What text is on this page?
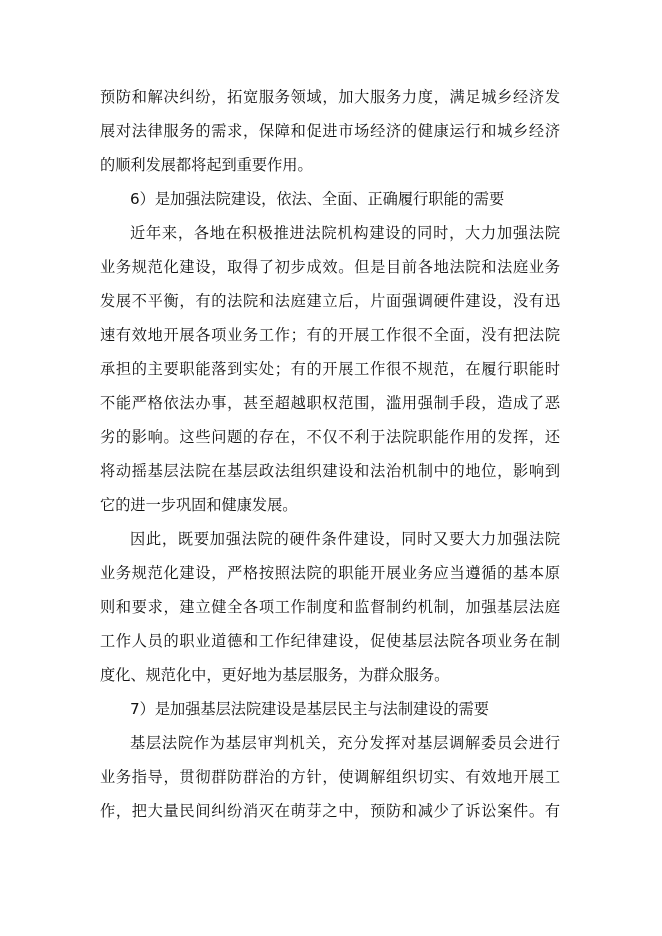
预防和解决纠纷，拓宽服务领域，加大服务力度，满足城乡经济发
展对法律服务的需求，保障和促进市场经济的健康运行和城乡经济
的顺利发展都将起到重要作用。
6）是加强法院建设，依法、全面、正确履行职能的需要
近年来，各地在积极推进法院机构建设的同时，大力加强法院
业务规范化建设，取得了初步成效。但是目前各地法院和法庭业务
发展不平衡，有的法院和法庭建立后，片面强调硬件建设，没有迅
速有效地开展各项业务工作；有的开展工作很不全面，没有把法院
承担的主要职能落到实处；有的开展工作很不规范，在履行职能时
不能严格依法办事，甚至超越职权范围，滥用强制手段，造成了恶
劣的影响。这些问题的存在，不仅不利于法院职能作用的发挥，还
将动摇基层法院在基层政法组织建设和法治机制中的地位，影响到
它的进一步巩固和健康发展。
因此，既要加强法院的硬件条件建设，同时又要大力加强法院
业务规范化建设，严格按照法院的职能开展业务应当遵循的基本原
则和要求，建立健全各项工作制度和监督制约机制，加强基层法庭
工作人员的职业道德和工作纪律建设，促使基层法院各项业务在制
度化、规范化中，更好地为基层服务，为群众服务。
7）是加强基层法院建设是基层民主与法制建设的需要
基层法院作为基层审判机关，充分发挥对基层调解委员会进行
业务指导，贯彻群防群治的方针，使调解组织切实、有效地开展工
作，把大量民间纠纷消灭在萌芽之中，预防和减少了诉讼案件。有
